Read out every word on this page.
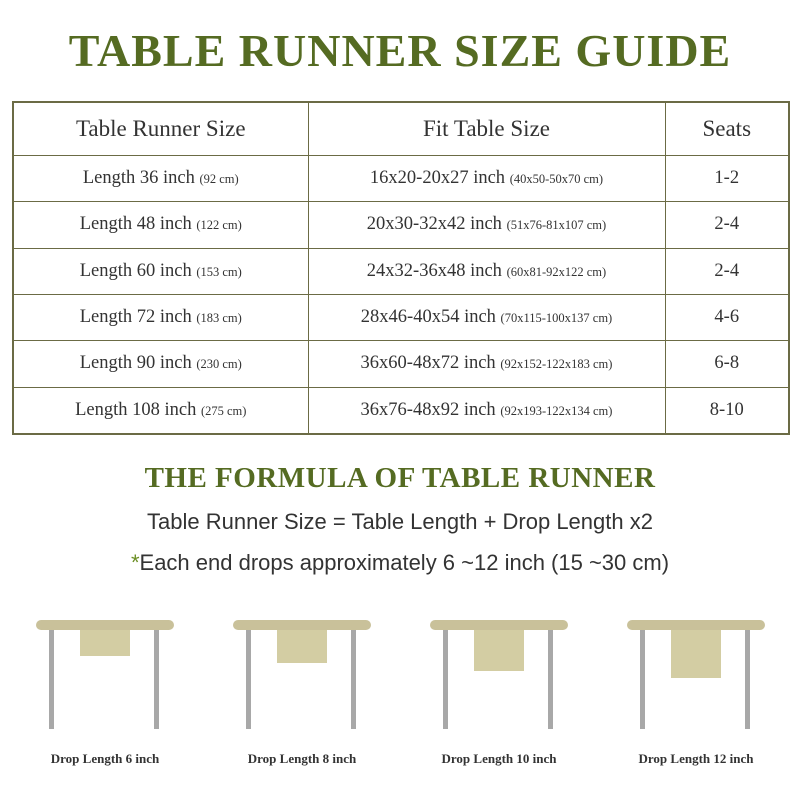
TABLE RUNNER SIZE GUIDE
Table Runner Size	Fit Table Size	Seats
Length 36 inch (92 cm)	16x20-20x27 inch (40x50-50x70 cm)	1-2
Length 48 inch (122 cm)	20x30-32x42 inch (51x76-81x107 cm)	2-4
Length 60 inch (153 cm)	24x32-36x48 inch (60x81-92x122 cm)	2-4
Length 72 inch (183 cm)	28x46-40x54 inch (70x115-100x137 cm)	4-6
Length 90 inch (230 cm)	36x60-48x72 inch (92x152-122x183 cm)	6-8
Length 108 inch (275 cm)	36x76-48x92 inch (92x193-122x134 cm)	8-10
THE FORMULA OF TABLE RUNNER
Table Runner Size = Table Length + Drop Length x2
*Each end drops approximately 6 ~12 inch (15 ~30 cm)
Drop Length 6 inch	Drop Length 8 inch	Drop Length 10 inch	Drop Length 12 inch
